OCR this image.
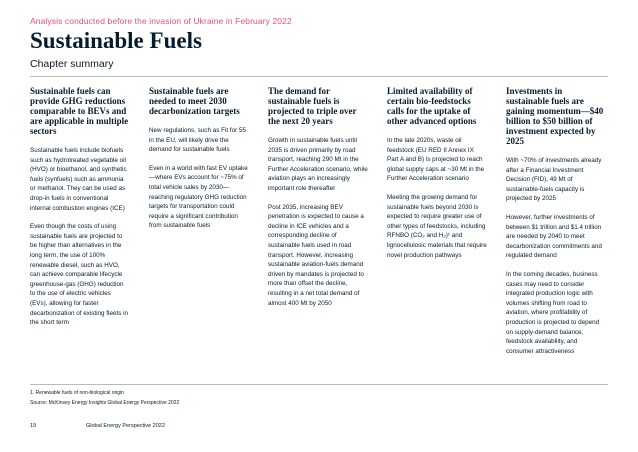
Analysis conducted before the invasion of Ukraine in February 2022
Sustainable Fuels
Chapter summary
Sustainable fuels can provide GHG reductions comparable to BEVs and are applicable in multiple sectors

Sustainable fuels include biofuels such as hydrotreated vegetable oil (HVO) or bioethanol, and synthetic fuels (synfuels) such as ammonia or methanol. They can be used as drop-in fuels in conventional internal combustion engines (ICE)

Even though the costs of using sustainable fuels are projected to be higher than alternatives in the long term, the use of 100% renewable diesel, such as HVO, can achieve comparable lifecycle greenhouse-gas (GHG) reduction to the use of electric vehicles (EVs), allowing for faster decarbonization of existing fleets in the short term

Sustainable fuels are needed to meet 2030 decarbonization targets

New regulations, such as Fit for 55 in the EU, will likely drive the demand for sustainable fuels

Even in a world with fast EV uptake—where EVs account for ~75% of total vehicle sales by 2030—reaching regulatory GHG reduction targets for transportation could require a significant contribution from sustainable fuels

The demand for sustainable fuels is projected to triple over the next 20 years

Growth in sustainable fuels until 2035 is driven primarily by road transport, reaching 290 Mt in the Further Acceleration scenario, while aviation plays an increasingly important role thereafter

Post 2035, increasing BEV penetration is expected to cause a decline in ICE vehicles and a corresponding decline of sustainable fuels used in road transport. However, increasing sustainable aviation-fuels demand driven by mandates is projected to more than offset the decline, resulting in a net total demand of almost 400 Mt by 2050

Limited availability of certain bio-feedstocks calls for the uptake of other advanced options

In the late 2020s, waste oil feedstock (EU RED II Annex IX Part A and B) is projected to reach global supply caps at ~30 Mt in the Further Acceleration scenario

Meeting the growing demand for sustainable fuels beyond 2030 is expected to require greater use of other types of feedstocks, including RFNBO (CO₂ and H₂)¹ and lignocellulosic materials that require novel production pathways

Investments in sustainable fuels are gaining momentum—$40 billion to $50 billion of investment expected by 2025

With ~70% of investments already after a Financial Investment Decision (FID), 49 Mt of sustainable-fuels capacity is projected by 2025

However, further investments of between $1 trillion and $1.4 trillion are needed by 2040 to meet decarbonization commitments and regulated demand

In the coming decades, business cases may need to consider integrated production logic with volumes shifting from road to aviation, where profitability of production is projected to depend on supply-demand balance, feedstock availability, and consumer attractiveness

1. Renewable fuels of non-biological origin
Source: McKinsey Energy Insights Global Energy Perspective 2022
19	Global Energy Perspective 2022
